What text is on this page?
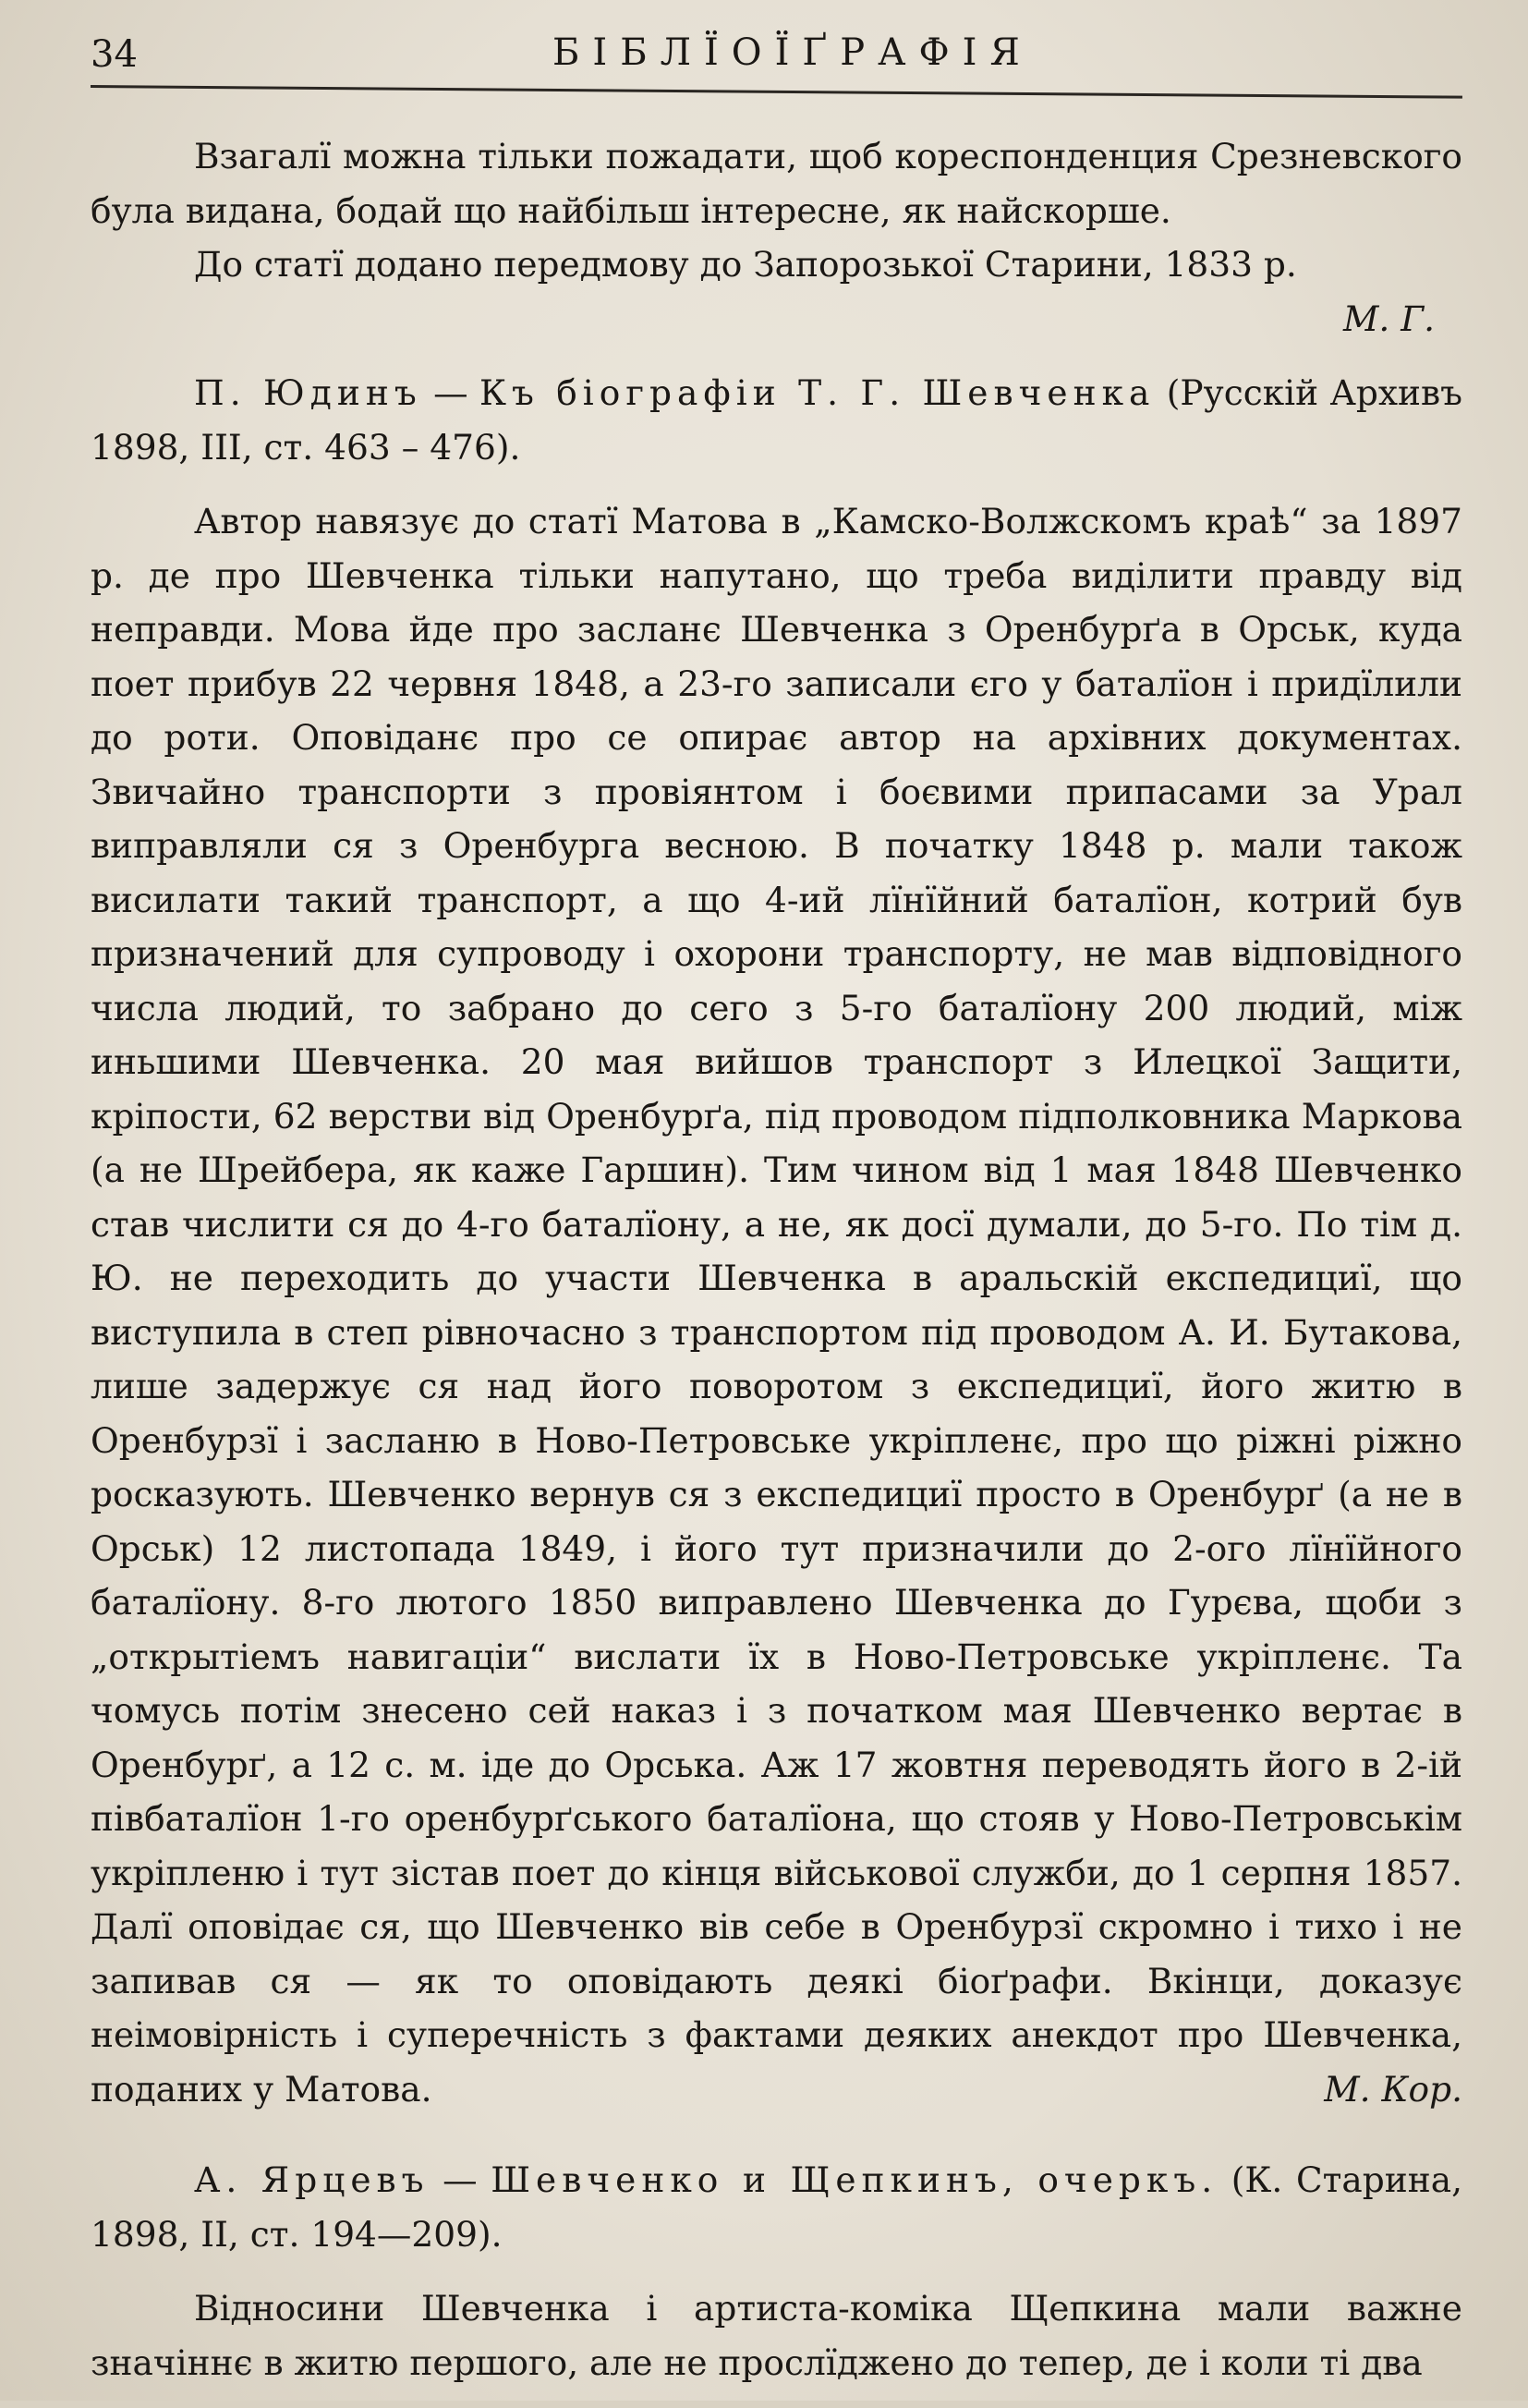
34	БІБЛЇОЇҐРАФІЯ

Взагалї можна тільки пожадати, щоб кореспонденция Срезневского була видана, бодай що найбільш інтересне, як найскорше.

До статї додано передмову до Запорозької Старини, 1833 р.

М. Г.

П. Юдинъ — Къ біографіи Т. Г. Шевченка (Русскій Архивъ 1898, III, ст. 463 – 476).

Автор навязує до статї Матова в „Камско-Волжскомъ краѣ“ за 1897 р. де про Шевченка тільки напутано, що треба виділити правду від неправди. Мова йде про засланє Шевченка з Оренбурґа в Орськ, куда поет прибув 22 червня 1848, а 23-го записали єго у баталїон і придїлили до роти. Оповіданє про се опирає автор на архівних документах. Звичайно транспорти з провіянтом і боєвими припасами за Урал виправляли ся з Оренбурга весною. В початку 1848 р. мали також висилати такий транспорт, а що 4-ий лїнїйний баталїон, котрий був призначений для супроводу і охорони транспорту, не мав відповідного числа людий, то забрано до сего з 5-го баталїону 200 людий, між иньшими Шевченка. 20 мая вийшов транспорт з Илецкої Защити, кріпости, 62 верстви від Оренбурґа, під проводом підполковника Маркова (а не Шрейбера, як каже Гаршин). Тим чином від 1 мая 1848 Шевченко став числити ся до 4-го баталїону, а не, як досї думали, до 5-го. По тім д. Ю. не переходить до участи Шевченка в аральскій експедициї, що виступила в степ рівночасно з транспортом під проводом А. И. Бутакова, лише задержує ся над його поворотом з експедициї, його житю в Оренбурзї і засланю в Ново-Петровське укріпленє, про що ріжні ріжно росказують. Шевченко вернув ся з експедициї просто в Оренбурґ (а не в Орськ) 12 листопада 1849, і його тут призначили до 2-ого лїнїйного баталїону. 8-го лютого 1850 виправлено Шевченка до Гурєва, щоби з „открытіемъ навигаціи“ вислати їх в Ново-Петровське укріпленє. Та чомусь потім знесено сей наказ і з початком мая Шевченко вертає в Оренбурґ, а 12 с. м. іде до Орська. Аж 17 жовтня переводять його в 2-ій півбаталїон 1-го оренбурґського баталїона, що стояв у Ново-Петровськім укріпленю і тут зістав поет до кінця військової служби, до 1 серпня 1857. Далї оповідає ся, що Шевченко вів себе в Оренбурзї скромно і тихо і не запивав ся — як то оповідають деякі біоґрафи. Вкінци, доказує неімовірність і суперечність з фактами деяких анекдот про Шевченка, поданих у Матова.	М. Кор.

А. Ярцевъ — Шевченко и Щепкинъ, очеркъ. (К. Старина, 1898, II, ст. 194—209).

Відносини Шевченка і артиста-коміка Щепкина мали важне значіннє в житю першого, але не прослїджено до тепер, де і коли ті два
